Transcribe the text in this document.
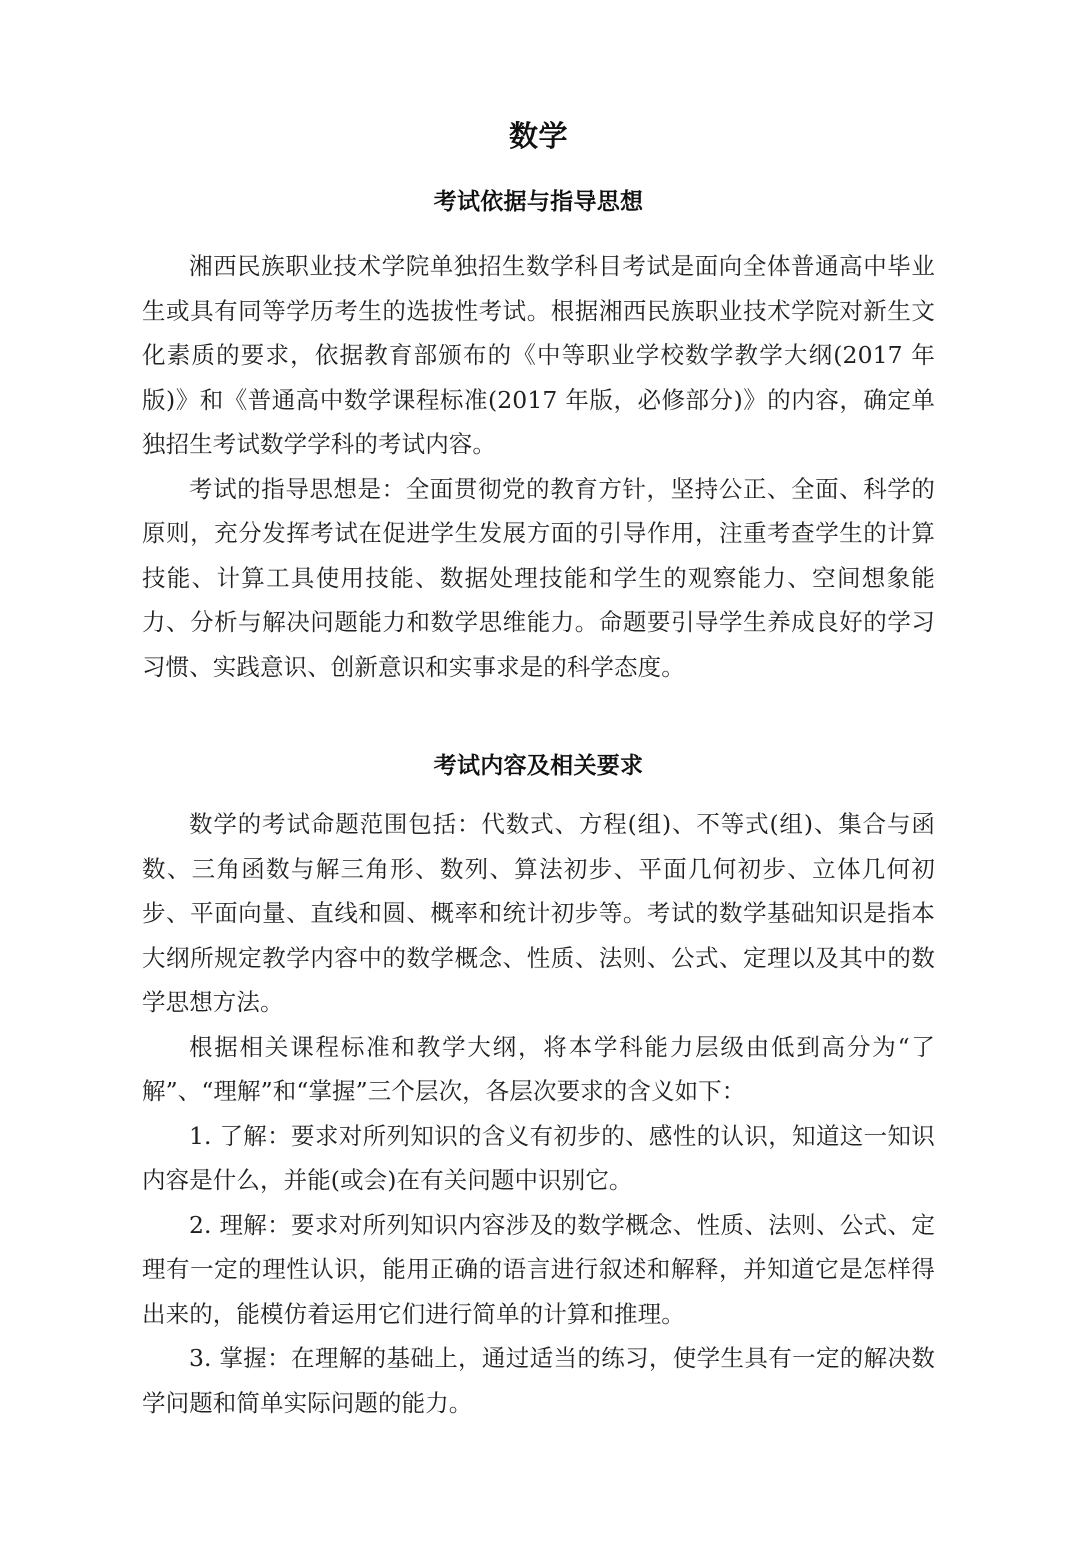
数学
考试依据与指导思想

湘西民族职业技术学院单独招生数学科目考试是面向全体普通高中毕业生或具有同等学历考生的选拔性考试。根据湘西民族职业技术学院对新生文化素质的要求，依据教育部颁布的《中等职业学校数学教学大纲(2017 年版)》和《普通高中数学课程标准(2017 年版，必修部分)》的内容，确定单独招生考试数学学科的考试内容。

考试的指导思想是：全面贯彻党的教育方针，坚持公正、全面、科学的原则，充分发挥考试在促进学生发展方面的引导作用，注重考查学生的计算技能、计算工具使用技能、数据处理技能和学生的观察能力、空间想象能力、分析与解决问题能力和数学思维能力。命题要引导学生养成良好的学习习惯、实践意识、创新意识和实事求是的科学态度。

考试内容及相关要求

数学的考试命题范围包括：代数式、方程(组)、不等式(组)、集合与函数、三角函数与解三角形、数列、算法初步、平面几何初步、立体几何初步、平面向量、直线和圆、概率和统计初步等。考试的数学基础知识是指本大纲所规定教学内容中的数学概念、性质、法则、公式、定理以及其中的数学思想方法。

根据相关课程标准和教学大纲，将本学科能力层级由低到高分为“了解”、“理解”和“掌握”三个层次，各层次要求的含义如下：

1. 了解：要求对所列知识的含义有初步的、感性的认识，知道这一知识内容是什么，并能(或会)在有关问题中识别它。

2. 理解：要求对所列知识内容涉及的数学概念、性质、法则、公式、定理有一定的理性认识，能用正确的语言进行叙述和解释，并知道它是怎样得出来的，能模仿着运用它们进行简单的计算和推理。

3. 掌握：在理解的基础上，通过适当的练习，使学生具有一定的解决数学问题和简单实际问题的能力。
